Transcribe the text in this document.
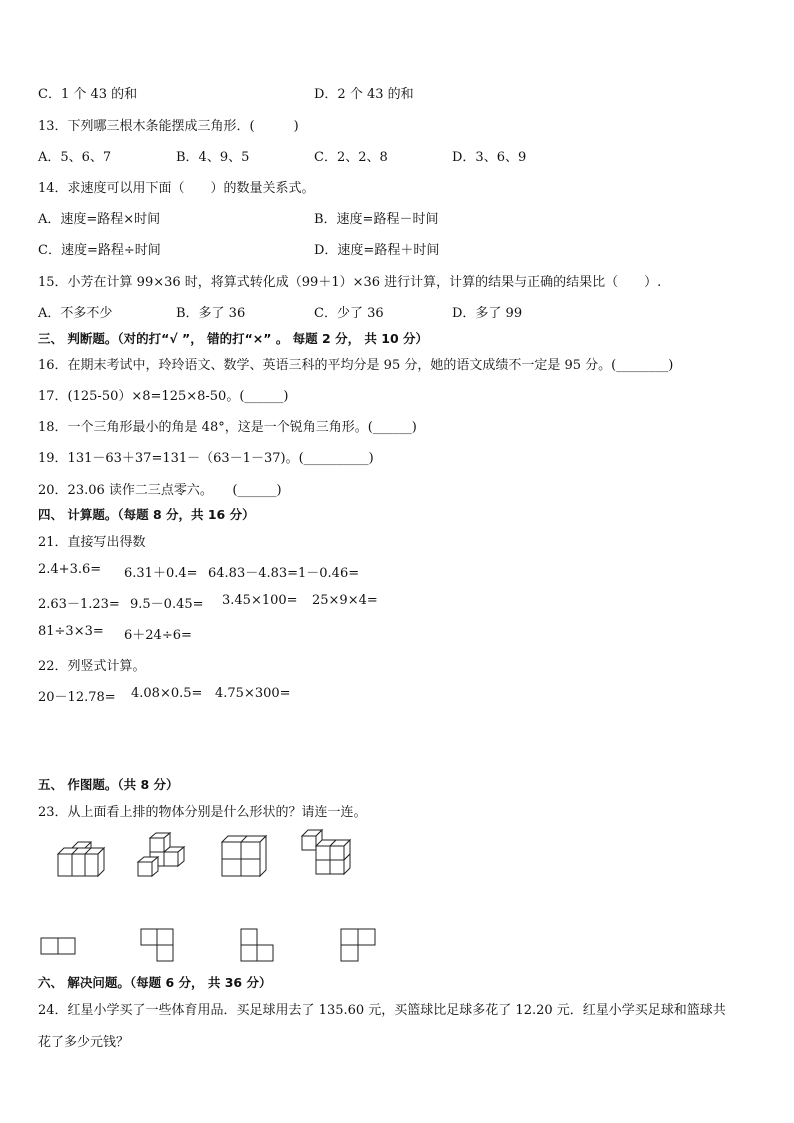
C．1 个 43 的和	D．2 个 43 的和
13．下列哪三根木条能摆成三角形．(　　　)
A．5、6、7	B．4、9、5	C．2、2、8	D．3、6、9
14．求速度可以用下面（　　）的数量关系式。
A．速度=路程×时间	B．速度=路程－时间
C．速度=路程÷时间	D．速度=路程＋时间
15．小芳在计算 99×36 时，将算式转化成（99＋1）×36 进行计算，计算的结果与正确的结果比（　　）.
A．不多不少	B．多了 36	C．少了 36	D．多了 99
三、 判断题。（对的打“√ ”， 错的打“×” 。 每题 2 分， 共 10 分）
16．在期末考试中，玲玲语文、数学、英语三科的平均分是 95 分，她的语文成绩不一定是 95 分。(________)
17．(125-50）×8=125×8-50。(______)
18．一个三角形最小的角是 48°，这是一个锐角三角形。(______)
19．131－63＋37=131－（63－1－37)。(__________)
20．23.06 读作二三点零六。　　(______)
四、 计算题。（每题 8 分，共 16 分）
21．直接写出得数
2.4+3.6= 6.31＋0.4= 64.83－4.83= 1－0.46=
2.63－1.23= 9.5－0.45= 3.45×100= 25×9×4=
81÷3×3= 6＋24÷6=
22．列竖式计算。
20－12.78= 4.08×0.5= 4.75×300=
五、 作图题。（共 8 分）
23．从上面看上排的物体分别是什么形状的？请连一连。
六、 解决问题。（每题 6 分， 共 36 分）
24．红星小学买了一些体育用品．买足球用去了 135.60 元，买篮球比足球多花了 12.20 元．红星小学买足球和篮球共
花了多少元钱？
